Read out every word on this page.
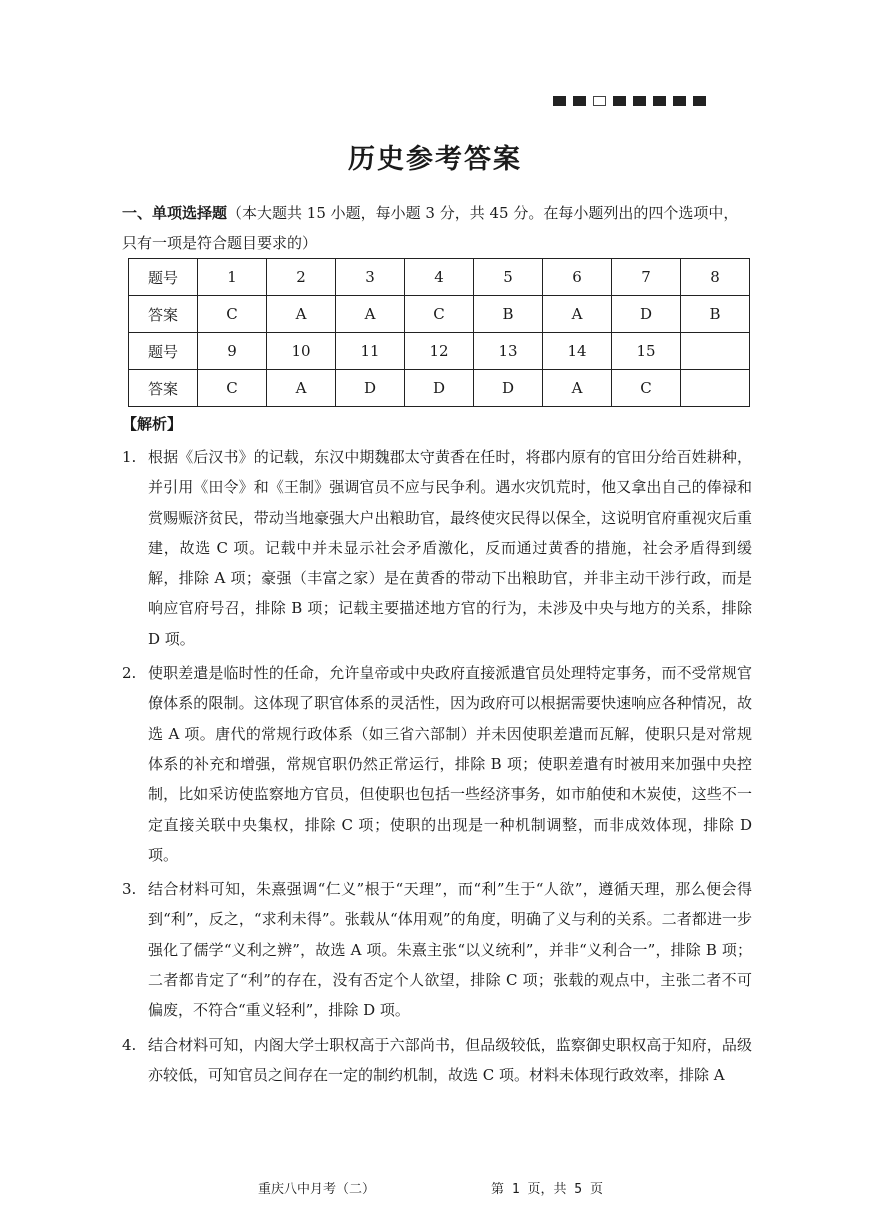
历史参考答案
一、单项选择题（本大题共 15 小题，每小题 3 分，共 45 分。在每小题列出的四个选项中，只有一项是符合题目要求的）
题号	1	2	3	4	5	6	7	8
答案	C	A	A	C	B	A	D	B
题号	9	10	11	12	13	14	15	
答案	C	A	D	D	D	A	C	
【解析】
1. 根据《后汉书》的记载，东汉中期魏郡太守黄香在任时，将郡内原有的官田分给百姓耕种，并引用《田令》和《王制》强调官员不应与民争利。遇水灾饥荒时，他又拿出自己的俸禄和赏赐赈济贫民，带动当地豪强大户出粮助官，最终使灾民得以保全，这说明官府重视灾后重建，故选 C 项。记载中并未显示社会矛盾激化，反而通过黄香的措施，社会矛盾得到缓解，排除 A 项；豪强（丰富之家）是在黄香的带动下出粮助官，并非主动干涉行政，而是响应官府号召，排除 B 项；记载主要描述地方官的行为，未涉及中央与地方的关系，排除 D 项。
2. 使职差遣是临时性的任命，允许皇帝或中央政府直接派遣官员处理特定事务，而不受常规官僚体系的限制。这体现了职官体系的灵活性，因为政府可以根据需要快速响应各种情况，故选 A 项。唐代的常规行政体系（如三省六部制）并未因使职差遣而瓦解，使职只是对常规体系的补充和增强，常规官职仍然正常运行，排除 B 项；使职差遣有时被用来加强中央控制，比如采访使监察地方官员，但使职也包括一些经济事务，如市舶使和木炭使，这些不一定直接关联中央集权，排除 C 项；使职的出现是一种机制调整，而非成效体现，排除 D 项。
3. 结合材料可知，朱熹强调“仁义”根于“天理”，而“利”生于“人欲”，遵循天理，那么便会得到“利”，反之，“求利未得”。张载从“体用观”的角度，明确了义与利的关系。二者都进一步强化了儒学“义利之辨”，故选 A 项。朱熹主张“以义统利”，并非“义利合一”，排除 B 项；二者都肯定了“利”的存在，没有否定个人欲望，排除 C 项；张载的观点中，主张二者不可偏废，不符合“重义轻利”，排除 D 项。
4. 结合材料可知，内阁大学士职权高于六部尚书，但品级较低，监察御史职权高于知府，品级亦较低，可知官员之间存在一定的制约机制，故选 C 项。材料未体现行政效率，排除 A
重庆八中月考（二）	第 1 页，共 5 页
